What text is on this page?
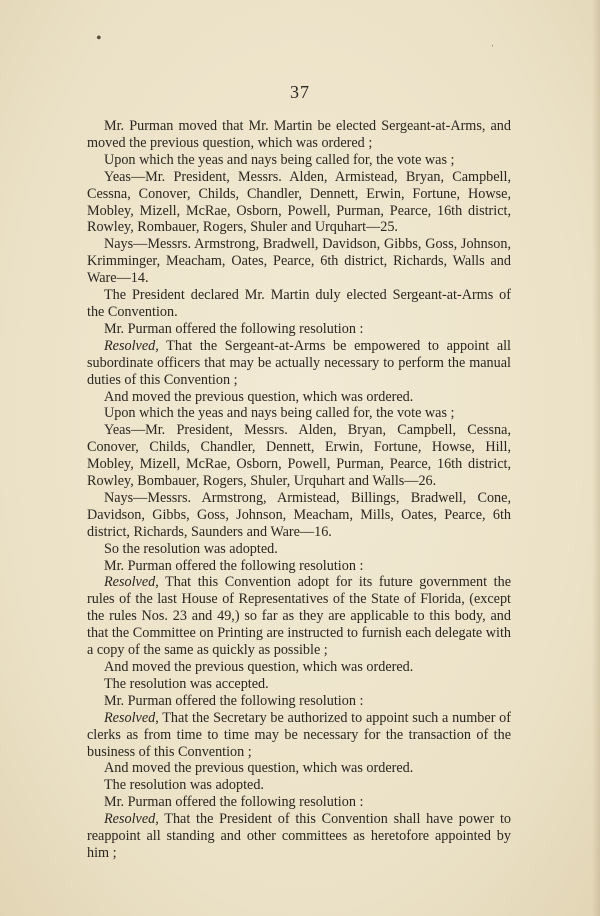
•
ˈ
37

Mr. Purman moved that Mr. Martin be elected Sergeant-at-Arms, and moved the previous question, which was ordered ;

Upon which the yeas and nays being called for, the vote was ;

Yeas—Mr. President, Messrs. Alden, Armistead, Bryan, Campbell, Cessna, Conover, Childs, Chandler, Dennett, Erwin, Fortune, Howse, Mobley, Mizell, McRae, Osborn, Powell, Purman, Pearce, 16th district, Rowley, Rombauer, Rogers, Shuler and Urquhart—25.

Nays—Messrs. Armstrong, Bradwell, Davidson, Gibbs, Goss, Johnson, Krimminger, Meacham, Oates, Pearce, 6th district, Richards, Walls and Ware—14.

The President declared Mr. Martin duly elected Sergeant-at-Arms of the Convention.

Mr. Purman offered the following resolution :

Resolved, That the Sergeant-at-Arms be empowered to appoint all subordinate officers that may be actually necessary to perform the manual duties of this Convention ;

And moved the previous question, which was ordered.

Upon which the yeas and nays being called for, the vote was ;

Yeas—Mr. President, Messrs. Alden, Bryan, Campbell, Cessna, Conover, Childs, Chandler, Dennett, Erwin, Fortune, Howse, Hill, Mobley, Mizell, McRae, Osborn, Powell, Purman, Pearce, 16th district, Rowley, Bombauer, Rogers, Shuler, Urquhart and Walls—26.

Nays—Messrs. Armstrong, Armistead, Billings, Bradwell, Cone, Davidson, Gibbs, Goss, Johnson, Meacham, Mills, Oates, Pearce, 6th district, Richards, Saunders and Ware—16.

So the resolution was adopted.

Mr. Purman offered the following resolution :

Resolved, That this Convention adopt for its future government the rules of the last House of Representatives of the State of Florida, (except the rules Nos. 23 and 49,) so far as they are applicable to this body, and that the Committee on Printing are instructed to furnish each delegate with a copy of the same as quickly as possible ;

And moved the previous question, which was ordered.

The resolution was accepted.

Mr. Purman offered the following resolution :

Resolved, That the Secretary be authorized to appoint such a number of clerks as from time to time may be necessary for the transaction of the business of this Convention ;

And moved the previous question, which was ordered.

The resolution was adopted.

Mr. Purman offered the following resolution :

Resolved, That the President of this Convention shall have power to reappoint all standing and other committees as heretofore appointed by him ;
